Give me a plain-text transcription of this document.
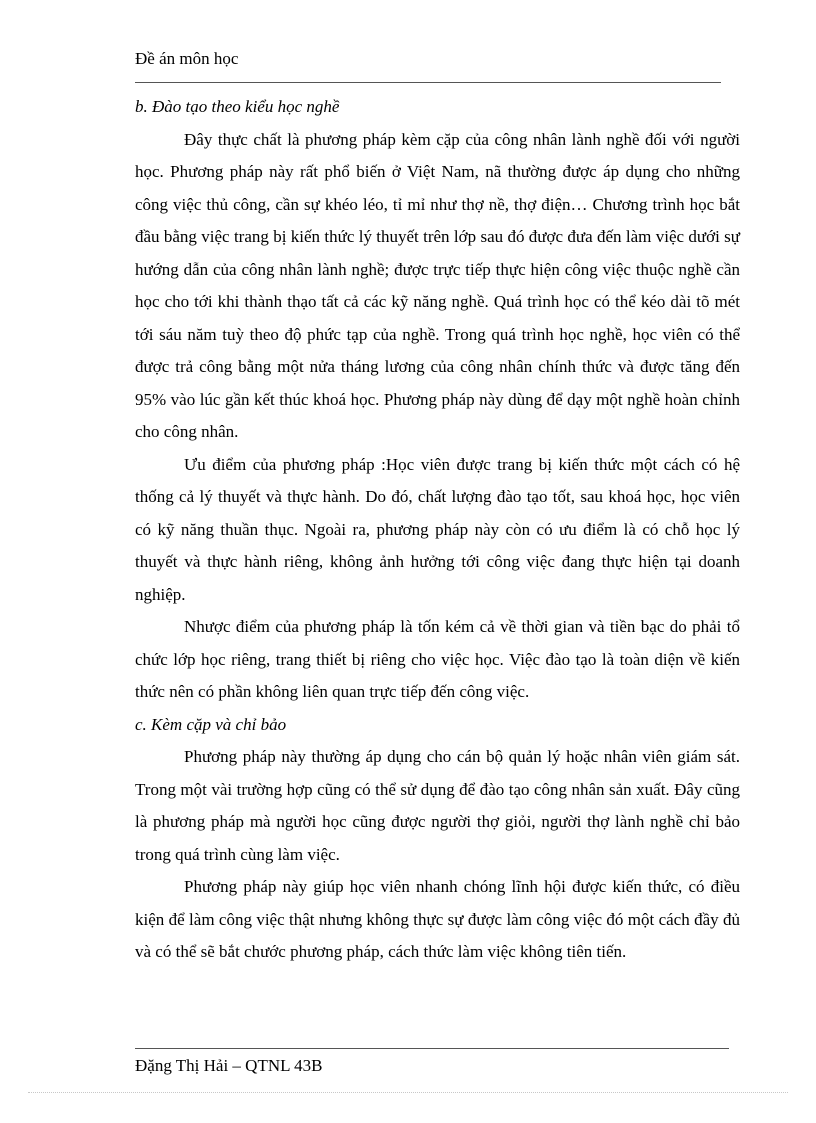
Đề án môn học

b. Đào tạo theo kiểu học nghề

Đây thực chất là phương pháp kèm cặp của công nhân lành nghề đối với người học. Phương pháp này rất phổ biến ở Việt Nam, nã thường được áp dụng cho những công việc thủ công, cần sự khéo léo, tỉ mỉ như thợ nề, thợ điện… Chương trình học bắt đầu bằng việc trang bị kiến thức lý thuyết trên lớp sau đó được đưa đến làm việc dưới sự hướng dẫn của công nhân lành nghề; được trực tiếp thực hiện công việc thuộc nghề cần học cho tới khi thành thạo tất cả các kỹ năng nghề. Quá trình học có thể kéo dài tõ mét tới sáu năm tuỳ theo độ phức tạp của nghề. Trong quá trình học nghề, học viên có thể được trả công bằng một nửa tháng lương của công nhân chính thức và được tăng đến 95% vào lúc gần kết thúc khoá học. Phương pháp này dùng để dạy một nghề hoàn chỉnh cho công nhân.

Ưu điểm của phương pháp :Học viên được trang bị kiến thức một cách có hệ thống cả lý thuyết và thực hành. Do đó, chất lượng đào tạo tốt, sau khoá học, học viên có kỹ năng thuần thục. Ngoài ra, phương pháp này còn có ưu điểm là có chỗ học lý thuyết và thực hành riêng, không ảnh hưởng tới công việc đang thực hiện tại doanh nghiệp.

Nhược điểm của phương pháp là tốn kém cả về thời gian và tiền bạc do phải tổ chức lớp học riêng, trang thiết bị riêng cho việc học. Việc đào tạo là toàn diện về kiến thức nên có phần không liên quan trực tiếp đến công việc.

c. Kèm cặp và chỉ bảo

Phương pháp này thường áp dụng cho cán bộ quản lý hoặc nhân viên giám sát. Trong một vài trường hợp cũng có thể sử dụng để đào tạo công nhân sản xuất. Đây cũng là phương pháp mà người học cũng được người thợ giỏi, người thợ lành nghề chỉ bảo trong quá trình cùng làm việc.

Phương pháp này giúp học viên nhanh chóng lĩnh hội được kiến thức, có điều kiện để làm công việc thật nhưng không thực sự được làm công việc đó một cách đầy đủ và có thể sẽ bắt chước phương pháp, cách thức làm việc không tiên tiến.

Đặng Thị Hải – QTNL 43B
